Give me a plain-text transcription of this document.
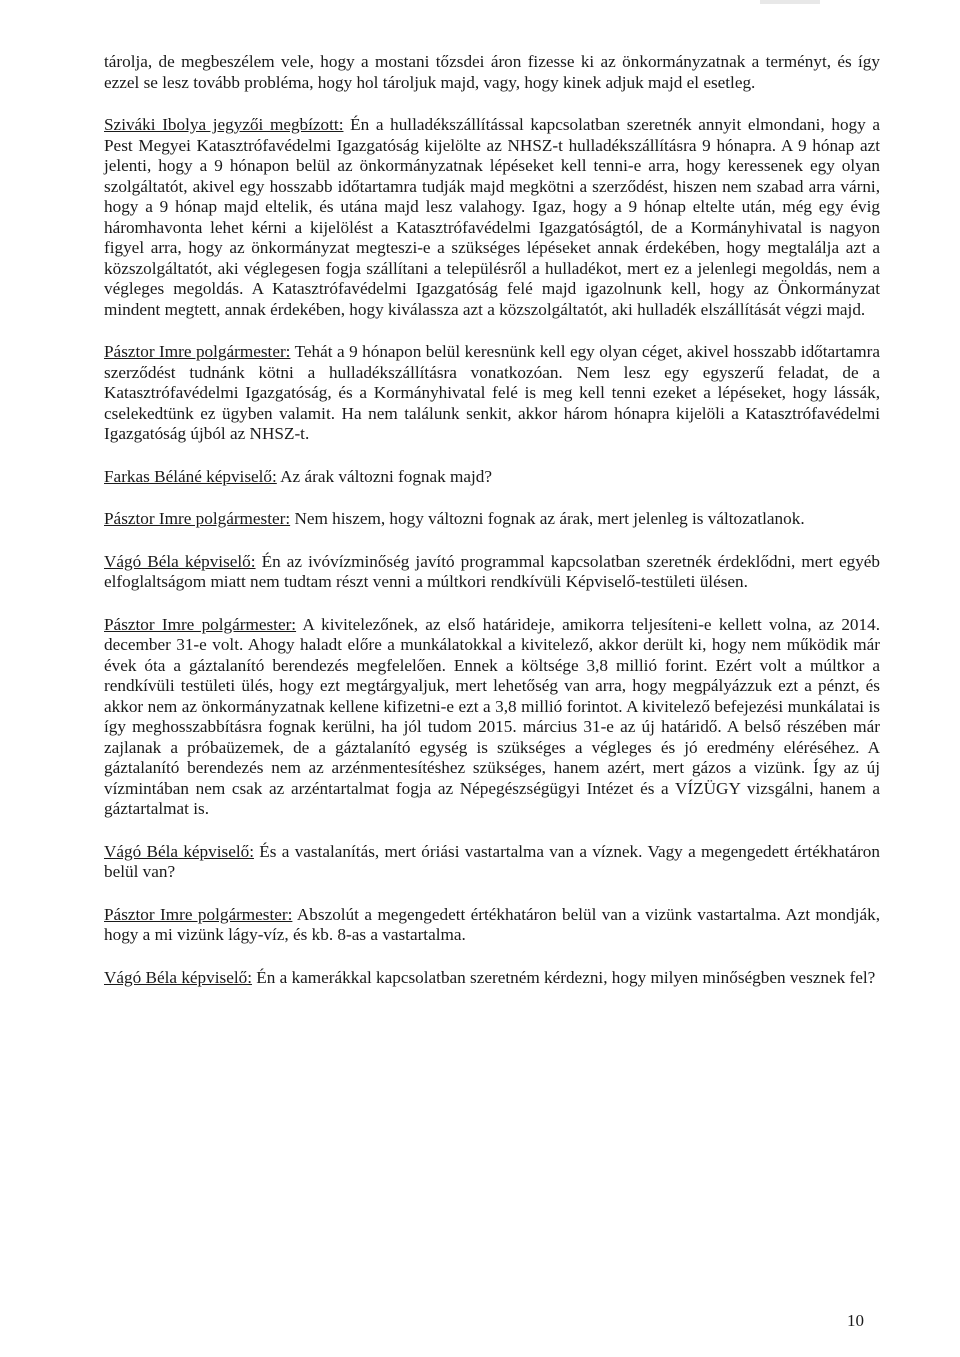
tárolja, de megbeszélem vele, hogy a mostani tőzsdei áron fizesse ki az önkormányzatnak a terményt, és így ezzel se lesz tovább probléma, hogy hol tároljuk majd, vagy, hogy kinek adjuk majd el esetleg.

Sziváki Ibolya jegyzői megbízott: Én a hulladékszállítással kapcsolatban szeretnék annyit elmondani, hogy a Pest Megyei Katasztrófavédelmi Igazgatóság kijelölte az NHSZ-t hulladékszállításra 9 hónapra. A 9 hónap azt jelenti, hogy a 9 hónapon belül az önkormányzatnak lépéseket kell tenni-e arra, hogy keressenek egy olyan szolgáltatót, akivel egy hosszabb időtartamra tudják majd megkötni a szerződést, hiszen nem szabad arra várni, hogy a 9 hónap majd eltelik, és utána majd lesz valahogy. Igaz, hogy a 9 hónap eltelte után, még egy évig háromhavonta lehet kérni a kijelölést a Katasztrófavédelmi Igazgatóságtól, de a Kormányhivatal is nagyon figyel arra, hogy az önkormányzat megteszi-e a szükséges lépéseket annak érdekében, hogy megtalálja azt a közszolgáltatót, aki véglegesen fogja szállítani a településről a hulladékot, mert ez a jelenlegi megoldás, nem a végleges megoldás. A Katasztrófavédelmi Igazgatóság felé majd igazolnunk kell, hogy az Önkormányzat mindent megtett, annak érdekében, hogy kiválassza azt a közszolgáltatót, aki hulladék elszállítását végzi majd.

Pásztor Imre polgármester: Tehát a 9 hónapon belül keresnünk kell egy olyan céget, akivel hosszabb időtartamra szerződést tudnánk kötni a hulladékszállításra vonatkozóan. Nem lesz egy egyszerű feladat, de a Katasztrófavédelmi Igazgatóság, és a Kormányhivatal felé is meg kell tenni ezeket a lépéseket, hogy lássák, cselekedtünk ez ügyben valamit. Ha nem találunk senkit, akkor három hónapra kijelöli a Katasztrófavédelmi Igazgatóság újból az NHSZ-t.

Farkas Béláné képviselő: Az árak változni fognak majd?

Pásztor Imre polgármester: Nem hiszem, hogy változni fognak az árak, mert jelenleg is változatlanok.

Vágó Béla képviselő: Én az ivóvízminőség javító programmal kapcsolatban szeretnék érdeklődni, mert egyéb elfoglaltságom miatt nem tudtam részt venni a múltkori rendkívüli Képviselő-testületi ülésen.

Pásztor Imre polgármester: A kivitelezőnek, az első határideje, amikorra teljesíteni-e kellett volna, az 2014. december 31-e volt. Ahogy haladt előre a munkálatokkal a kivitelező, akkor derült ki, hogy nem működik már évek óta a gáztalanító berendezés megfelelően. Ennek a költsége 3,8 millió forint. Ezért volt a múltkor a rendkívüli testületi ülés, hogy ezt megtárgyaljuk, mert lehetőség van arra, hogy megpályázzuk ezt a pénzt, és akkor nem az önkormányzatnak kellene kifizetni-e ezt a 3,8 millió forintot. A kivitelező befejezési munkálatai is így meghosszabbításra fognak kerülni, ha jól tudom 2015. március 31-e az új határidő. A belső részében már zajlanak a próbaüzemek, de a gáztalanító egység is szükséges a végleges és jó eredmény eléréséhez. A gáztalanító berendezés nem az arzénmentesítéshez szükséges, hanem azért, mert gázos a vizünk. Így az új vízmintában nem csak az arzéntartalmat fogja az Népegészségügyi Intézet és a VÍZÜGY vizsgálni, hanem a gáztartalmat is.

Vágó Béla képviselő: És a vastalanítás, mert óriási vastartalma van a víznek. Vagy a megengedett értékhatáron belül van?

Pásztor Imre polgármester: Abszolút a megengedett értékhatáron belül van a vizünk vastartalma. Azt mondják, hogy a mi vizünk lágy-víz, és kb. 8-as a vastartalma.

Vágó Béla képviselő: Én a kamerákkal kapcsolatban szeretném kérdezni, hogy milyen minőségben vesznek fel?

10
